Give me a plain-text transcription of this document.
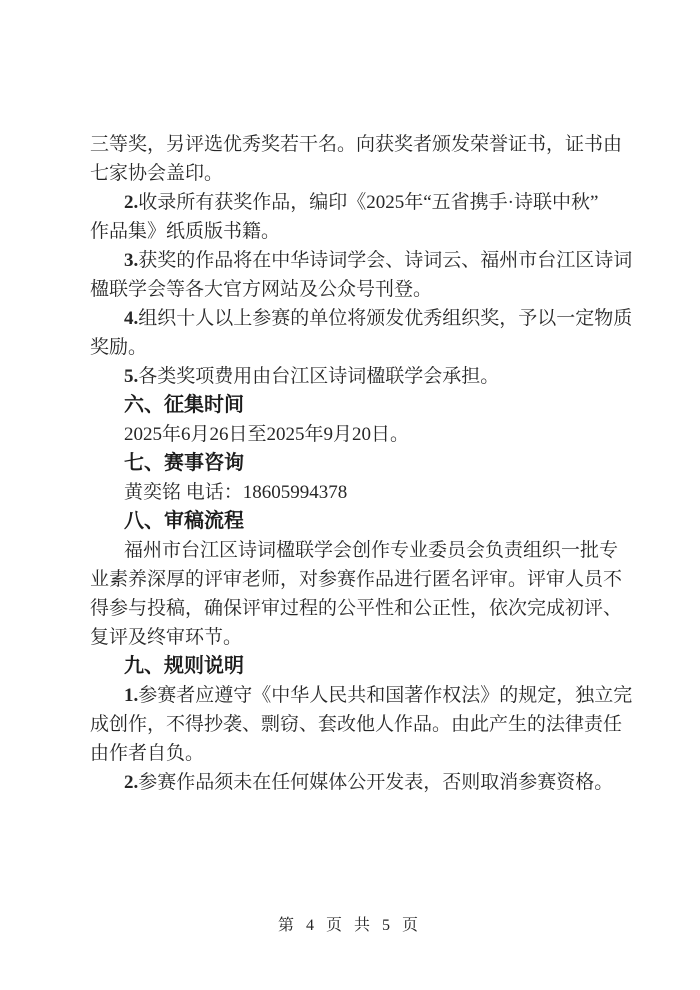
三等奖，另评选优秀奖若干名。向获奖者颁发荣誉证书，证书由
七家协会盖印。
2.收录所有获奖作品，编印《2025年“五省携手·诗联中秋”
作品集》纸质版书籍。
3.获奖的作品将在中华诗词学会、诗词云、福州市台江区诗词
楹联学会等各大官方网站及公众号刊登。
4.组织十人以上参赛的单位将颁发优秀组织奖，予以一定物质
奖励。
5.各类奖项费用由台江区诗词楹联学会承担。
六、征集时间
2025年6月26日至2025年9月20日。
七、赛事咨询
黄奕铭 电话：18605994378
八、审稿流程
福州市台江区诗词楹联学会创作专业委员会负责组织一批专
业素养深厚的评审老师，对参赛作品进行匿名评审。评审人员不
得参与投稿，确保评审过程的公平性和公正性，依次完成初评、
复评及终审环节。
九、规则说明
1.参赛者应遵守《中华人民共和国著作权法》的规定，独立完
成创作，不得抄袭、剽窃、套改他人作品。由此产生的法律责任
由作者自负。
2.参赛作品须未在任何媒体公开发表，否则取消参赛资格。
第 4 页 共 5 页
